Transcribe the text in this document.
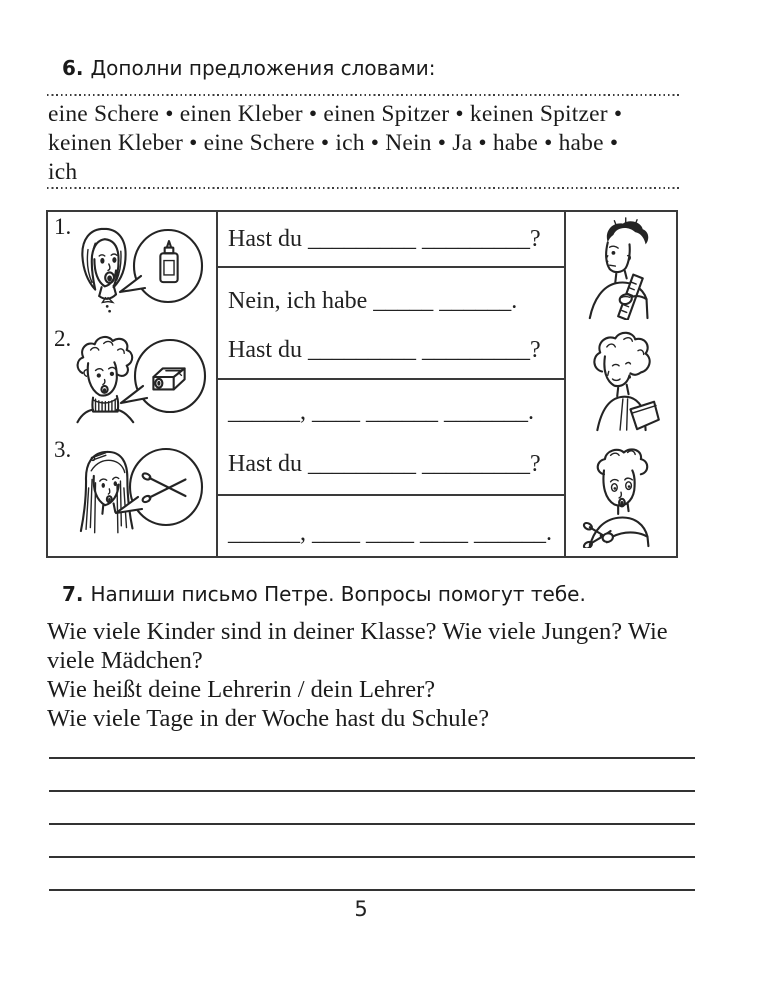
6. Дополни предложения словами:
eine Schere • einen Kleber • einen Spitzer • keinen Spitzer •
keinen Kleber • eine Schere • ich • Nein • Ja • habe • habe •
ich
1.	Hast du _________ _________?
Nein, ich habe _____ ______.
2.	Hast du _________ _________?
______, ____ ______ _______.
3.
Hast du _________ _________?
______, ____ ____ ____ ______.
7. Напиши письмо Петре. Вопросы помогут тебе.
Wie viele Kinder sind in deiner Klasse? Wie viele Jungen? Wie
viele Mädchen?
Wie heißt deine Lehrerin / dein Lehrer?
Wie viele Tage in der Woche hast du Schule?
5
